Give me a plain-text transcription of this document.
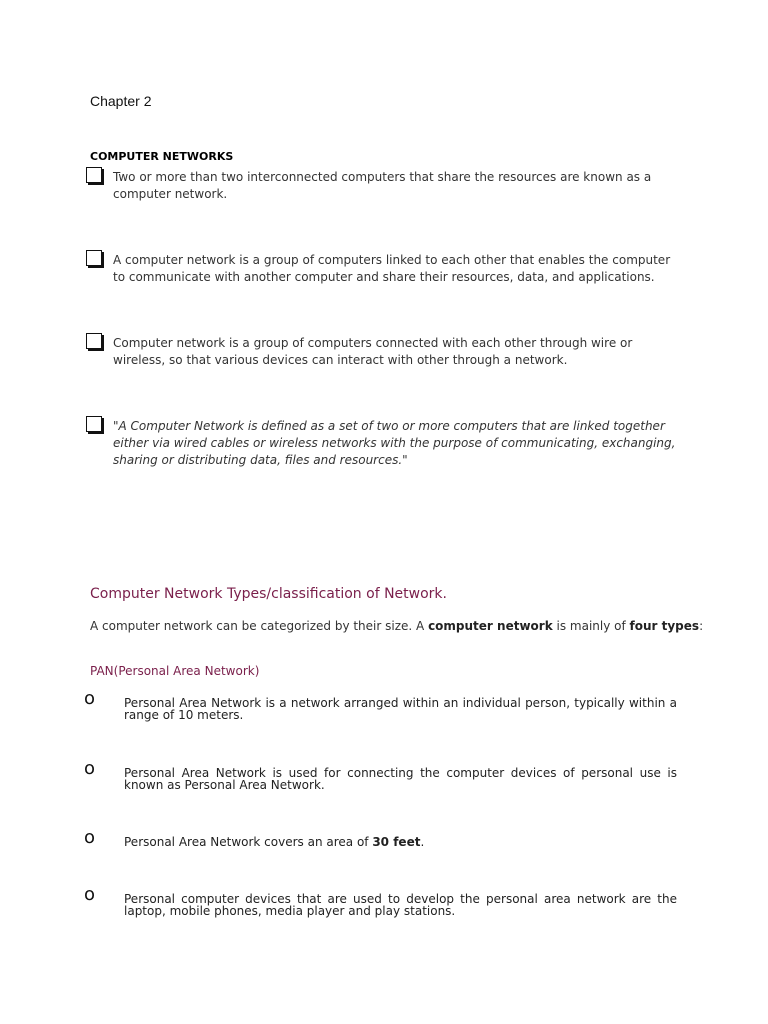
Chapter 2
COMPUTER NETWORKS
Two or more than two interconnected computers that share the resources are known as a computer network.
A computer network is a group of computers linked to each other that enables the computer to communicate with another computer and share their resources, data, and applications.
Computer network is a group of computers connected with each other through wire or wireless, so that various devices can interact with other through a network.
"A Computer Network is defined as a set of two or more computers that are linked together either via wired cables or wireless networks with the purpose of communicating, exchanging, sharing or distributing data, files and resources."
Computer Network Types/classification of Network.
A computer network can be categorized by their size. A computer network is mainly of four types:
PAN(Personal Area Network)
o Personal Area Network is a network arranged within an individual person, typically within a range of 10 meters.
o Personal Area Network is used for connecting the computer devices of personal use is known as Personal Area Network.
o Personal Area Network covers an area of 30 feet.
o Personal computer devices that are used to develop the personal area network are the laptop, mobile phones, media player and play stations.
